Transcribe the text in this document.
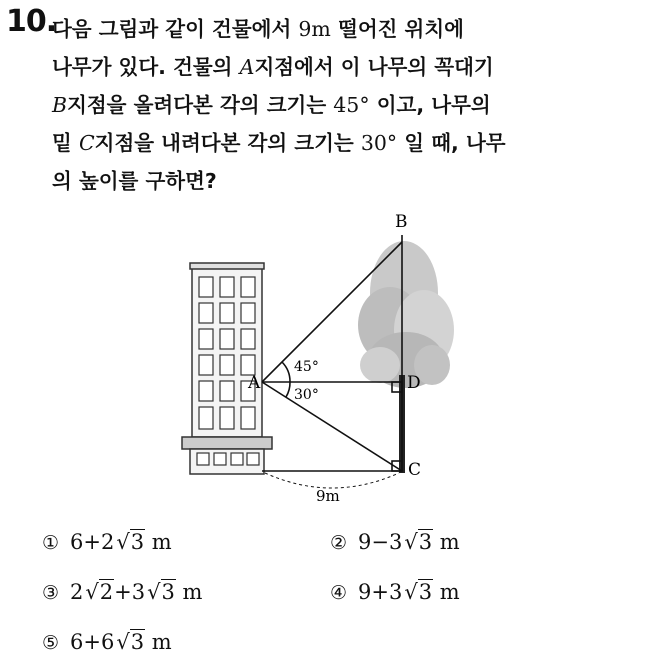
10.

다음 그림과 같이 건물에서 9m 떨어진 위치에
나무가 있다. 건물의 A지점에서 이 나무의 꼭대기
B지점을 올려다본 각의 크기는 45° 이고, 나무의
밑 C지점을 내려다본 각의 크기는 30° 일 때, 나무
의 높이를 구하면?

B
A	D
C
45°
30°
9m
① 6+2√3 m	② 9−3√3 m
③ 2√2+3√3 m	④ 9+3√3 m
⑤ 6+6√3 m
